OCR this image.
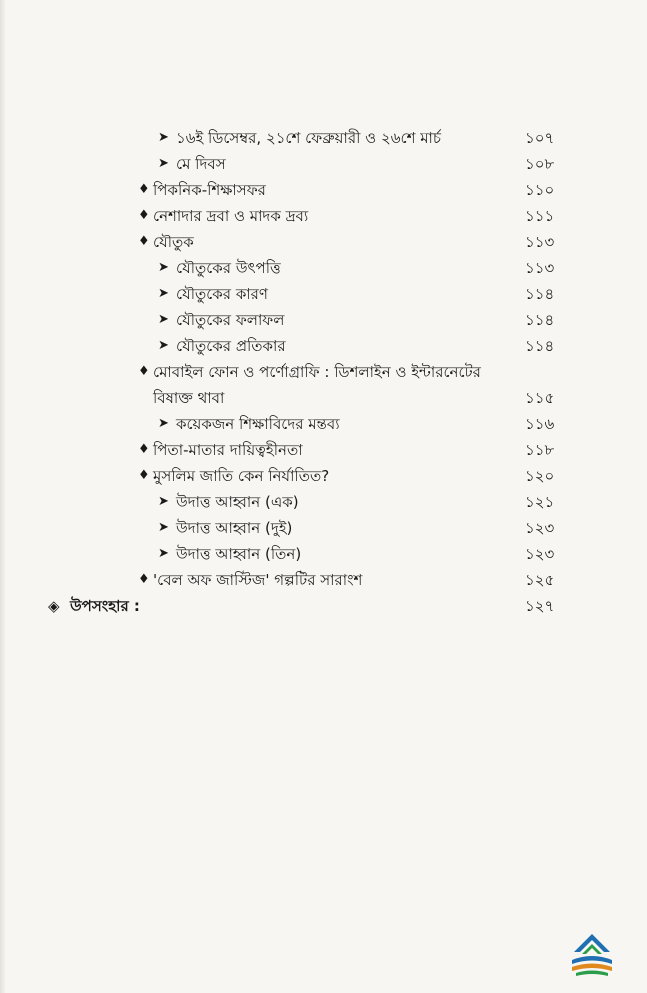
➤ ১৬ই ডিসেম্বর, ২১শে ফেব্রুয়ারী ও ২৬শে মার্চ	১০৭
➤ মে দিবস	১০৮
♦ পিকনিক-শিক্ষাসফর	১১০
♦ নেশাদার দ্রবা ও মাদক দ্রব্য	১১১
♦ যৌতুক	১১৩
➤ যৌতুকের উৎপত্তি	১১৩
➤ যৌতুকের কারণ	১১৪
➤ যৌতুকের ফলাফল	১১৪
➤ যৌতুকের প্রতিকার	১১৪
♦ মোবাইল ফোন ও পর্ণোগ্রাফি : ডিশলাইন ও ইন্টারনেটের
বিষাক্ত থাবা	১১৫
➤ কয়েকজন শিক্ষাবিদের মন্তব্য	১১৬
♦ পিতা-মাতার দায়িত্বহীনতা	১১৮
♦ মুসলিম জাতি কেন নির্যাতিত?	১২০
➤ উদাত্ত আহ্বান (এক)	১২১
➤ উদাত্ত আহ্বান (দুই)	১২৩
➤ উদাত্ত আহ্বান (তিন)	১২৩
♦ 'বেল অফ জাস্টিজ' গল্পটির সারাংশ	১২৫
◈ উপসংহার :	১২৭
